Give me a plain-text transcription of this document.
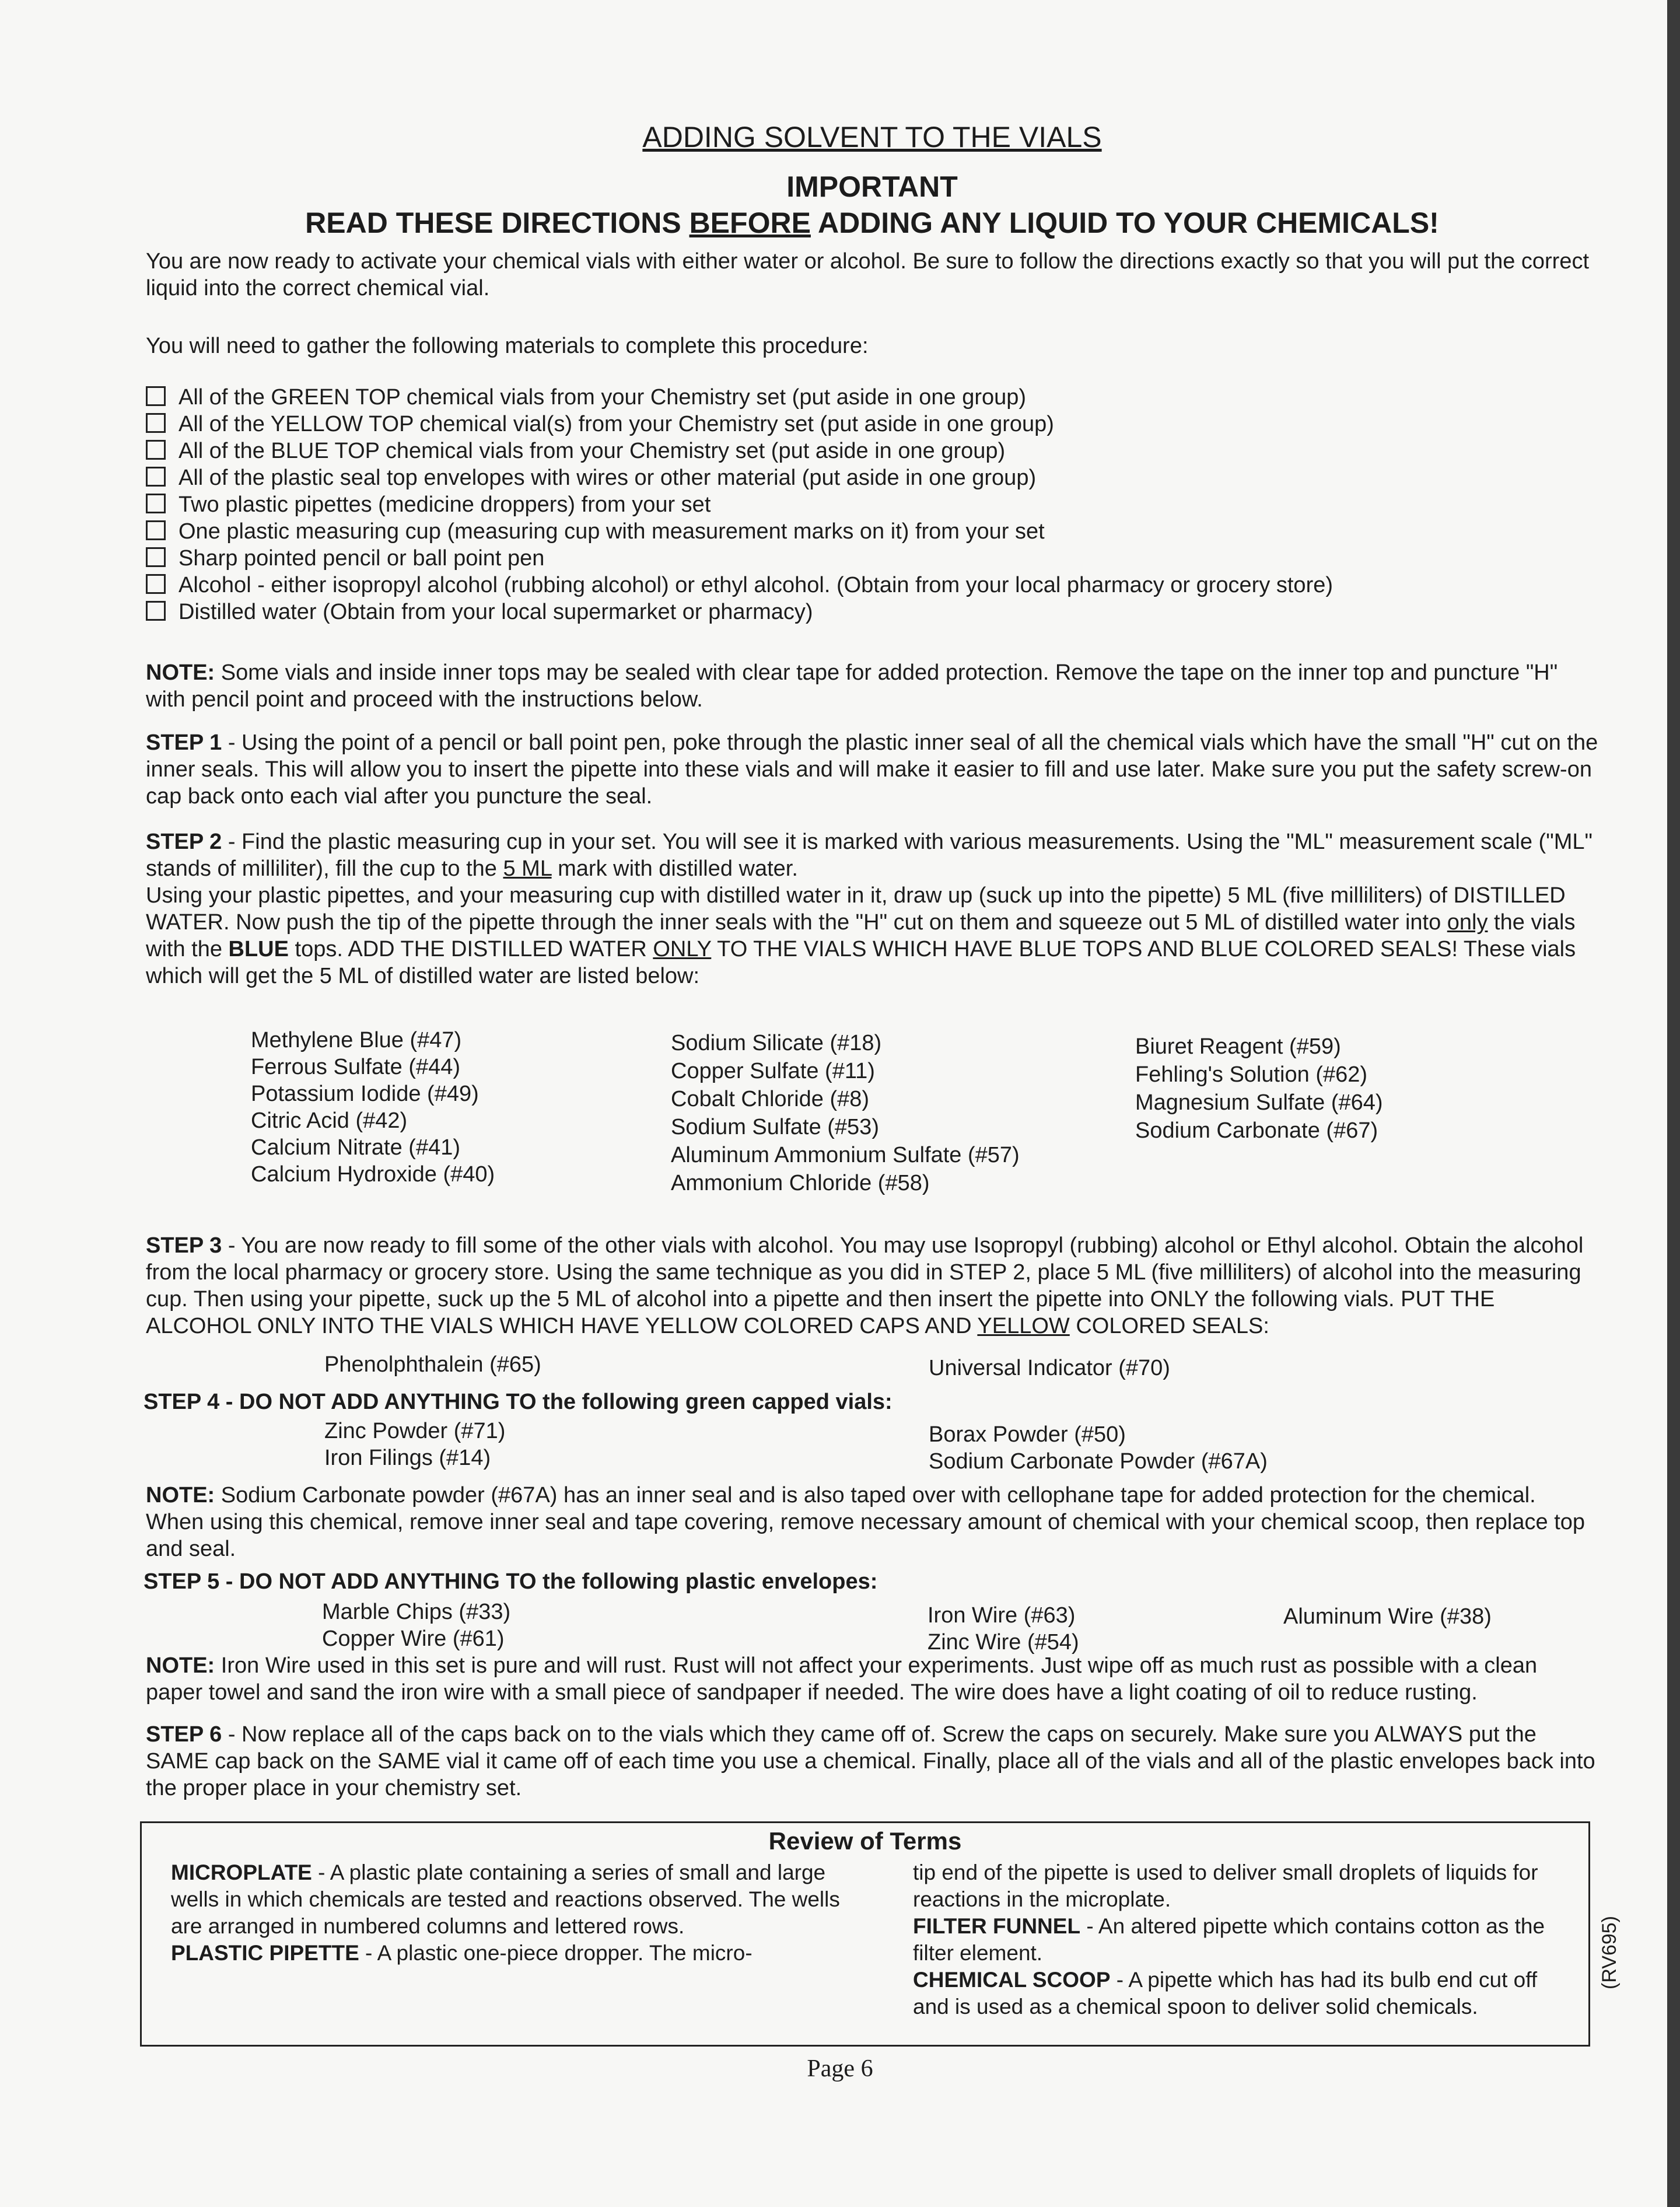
ADDING SOLVENT TO THE VIALS
IMPORTANT
READ THESE DIRECTIONS BEFORE ADDING ANY LIQUID TO YOUR CHEMICALS!
You are now ready to activate your chemical vials with either water or alcohol. Be sure to follow the directions exactly so that you will put the correct liquid into the correct chemical vial.
You will need to gather the following materials to complete this procedure:
All of the GREEN TOP chemical vials from your Chemistry set (put aside in one group)
All of the YELLOW TOP chemical vial(s) from your Chemistry set (put aside in one group)
All of the BLUE TOP chemical vials from your Chemistry set (put aside in one group)
All of the plastic seal top envelopes with wires or other material (put aside in one group)
Two plastic pipettes (medicine droppers) from your set
One plastic measuring cup (measuring cup with measurement marks on it) from your set
Sharp pointed pencil or ball point pen
Alcohol - either isopropyl alcohol (rubbing alcohol) or ethyl alcohol. (Obtain from your local pharmacy or grocery store)
Distilled water (Obtain from your local supermarket or pharmacy)
NOTE: Some vials and inside inner tops may be sealed with clear tape for added protection. Remove the tape on the inner top and puncture "H" with pencil point and proceed with the instructions below.
STEP 1 - Using the point of a pencil or ball point pen, poke through the plastic inner seal of all the chemical vials which have the small "H" cut on the inner seals. This will allow you to insert the pipette into these vials and will make it easier to fill and use later. Make sure you put the safety screw-on cap back onto each vial after you puncture the seal.
STEP 2 - Find the plastic measuring cup in your set. You will see it is marked with various measurements. Using the "ML" measurement scale ("ML" stands of milliliter), fill the cup to the 5 ML mark with distilled water.
Using your plastic pipettes, and your measuring cup with distilled water in it, draw up (suck up into the pipette) 5 ML (five milliliters) of DISTILLED WATER. Now push the tip of the pipette through the inner seals with the "H" cut on them and squeeze out 5 ML of distilled water into only the vials with the BLUE tops. ADD THE DISTILLED WATER ONLY TO THE VIALS WHICH HAVE BLUE TOPS AND BLUE COLORED SEALS! These vials which will get the 5 ML of distilled water are listed below:
Methylene Blue (#47)
Ferrous Sulfate (#44)
Potassium Iodide (#49)
Citric Acid (#42)
Calcium Nitrate (#41)
Calcium Hydroxide (#40)
Sodium Silicate (#18)
Copper Sulfate (#11)
Cobalt Chloride (#8)
Sodium Sulfate (#53)
Aluminum Ammonium Sulfate (#57)
Ammonium Chloride (#58)
Biuret Reagent (#59)
Fehling's Solution (#62)
Magnesium Sulfate (#64)
Sodium Carbonate (#67)
STEP 3 - You are now ready to fill some of the other vials with alcohol. You may use Isopropyl (rubbing) alcohol or Ethyl alcohol. Obtain the alcohol from the local pharmacy or grocery store. Using the same technique as you did in STEP 2, place 5 ML (five milliliters) of alcohol into the measuring cup. Then using your pipette, suck up the 5 ML of alcohol into a pipette and then insert the pipette into ONLY the following vials. PUT THE ALCOHOL ONLY INTO THE VIALS WHICH HAVE YELLOW COLORED CAPS AND YELLOW COLORED SEALS:
Phenolphthalein (#65)	Universal Indicator (#70)
STEP 4 - DO NOT ADD ANYTHING TO the following green capped vials:
Zinc Powder (#71)
Iron Filings (#14)
Borax Powder (#50)
Sodium Carbonate Powder (#67A)
NOTE: Sodium Carbonate powder (#67A) has an inner seal and is also taped over with cellophane tape for added protection for the chemical. When using this chemical, remove inner seal and tape covering, remove necessary amount of chemical with your chemical scoop, then replace top and seal.
STEP 5 - DO NOT ADD ANYTHING TO the following plastic envelopes:
Marble Chips (#33)
Copper Wire (#61)
Iron Wire (#63)
Zinc Wire (#54)
Aluminum Wire (#38)
NOTE: Iron Wire used in this set is pure and will rust. Rust will not affect your experiments. Just wipe off as much rust as possible with a clean paper towel and sand the iron wire with a small piece of sandpaper if needed. The wire does have a light coating of oil to reduce rusting.
STEP 6 - Now replace all of the caps back on to the vials which they came off of. Screw the caps on securely. Make sure you ALWAYS put the SAME cap back on the SAME vial it came off of each time you use a chemical. Finally, place all of the vials and all of the plastic envelopes back into the proper place in your chemistry set.
Review of Terms
MICROPLATE - A plastic plate containing a series of small and large wells in which chemicals are tested and reactions observed. The wells are arranged in numbered columns and lettered rows.
PLASTIC PIPETTE - A plastic one-piece dropper. The micro-
tip end of the pipette is used to deliver small droplets of liquids for reactions in the microplate.
FILTER FUNNEL - An altered pipette which contains cotton as the filter element.
CHEMICAL SCOOP - A pipette which has had its bulb end cut off and is used as a chemical spoon to deliver solid chemicals.
Page 6
(RV695)
